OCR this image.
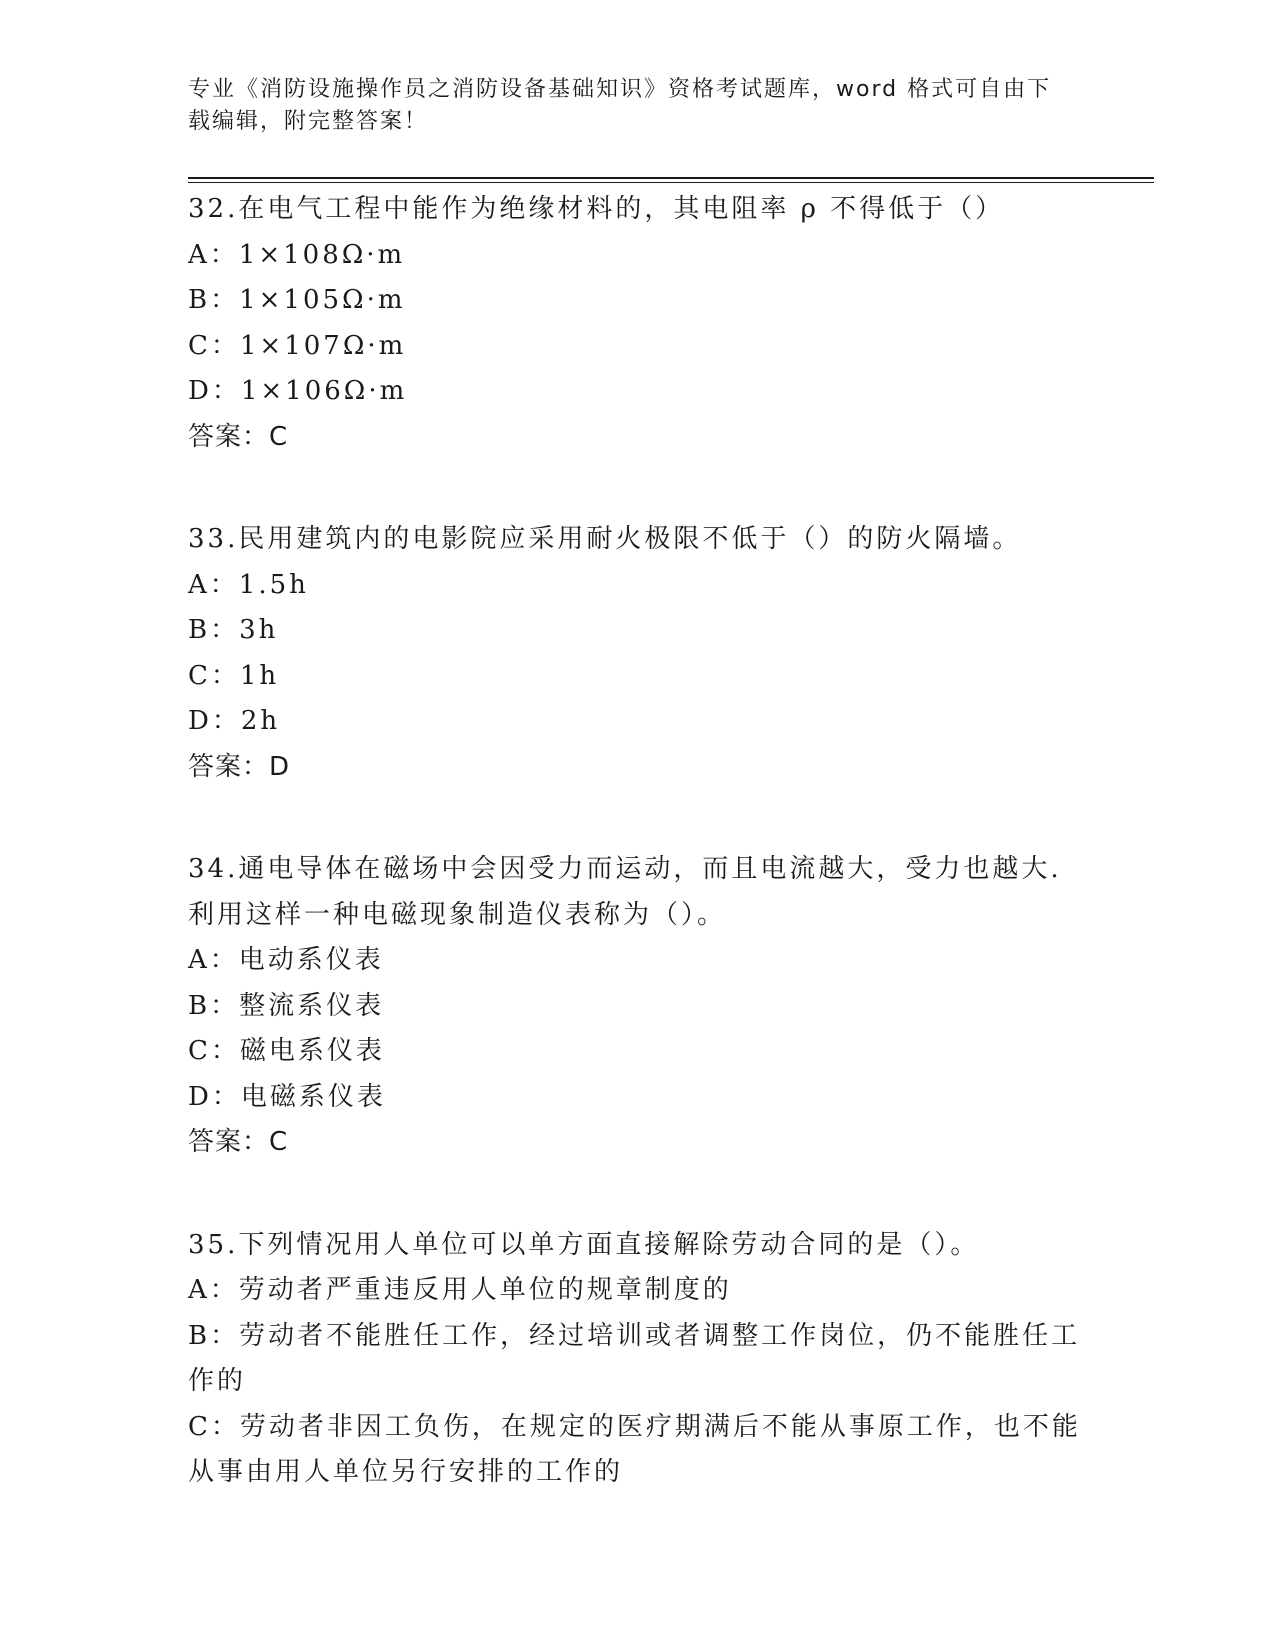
专业《消防设施操作员之消防设备基础知识》资格考试题库，word 格式可自由下载编辑，附完整答案！
32.在电气工程中能作为绝缘材料的，其电阻率 ρ 不得低于（）
A：1×108Ω·m
B：1×105Ω·m
C：1×107Ω·m
D：1×106Ω·m
答案：C
33.民用建筑内的电影院应采用耐火极限不低于（）的防火隔墙。
A：1.5h
B：3h
C：1h
D：2h
答案：D
34.通电导体在磁场中会因受力而运动，而且电流越大，受力也越大.利用这样一种电磁现象制造仪表称为（）。
A：电动系仪表
B：整流系仪表
C：磁电系仪表
D：电磁系仪表
答案：C
35.下列情况用人单位可以单方面直接解除劳动合同的是（）。
A：劳动者严重违反用人单位的规章制度的
B：劳动者不能胜任工作，经过培训或者调整工作岗位，仍不能胜任工作的
C：劳动者非因工负伤，在规定的医疗期满后不能从事原工作，也不能从事由用人单位另行安排的工作的
